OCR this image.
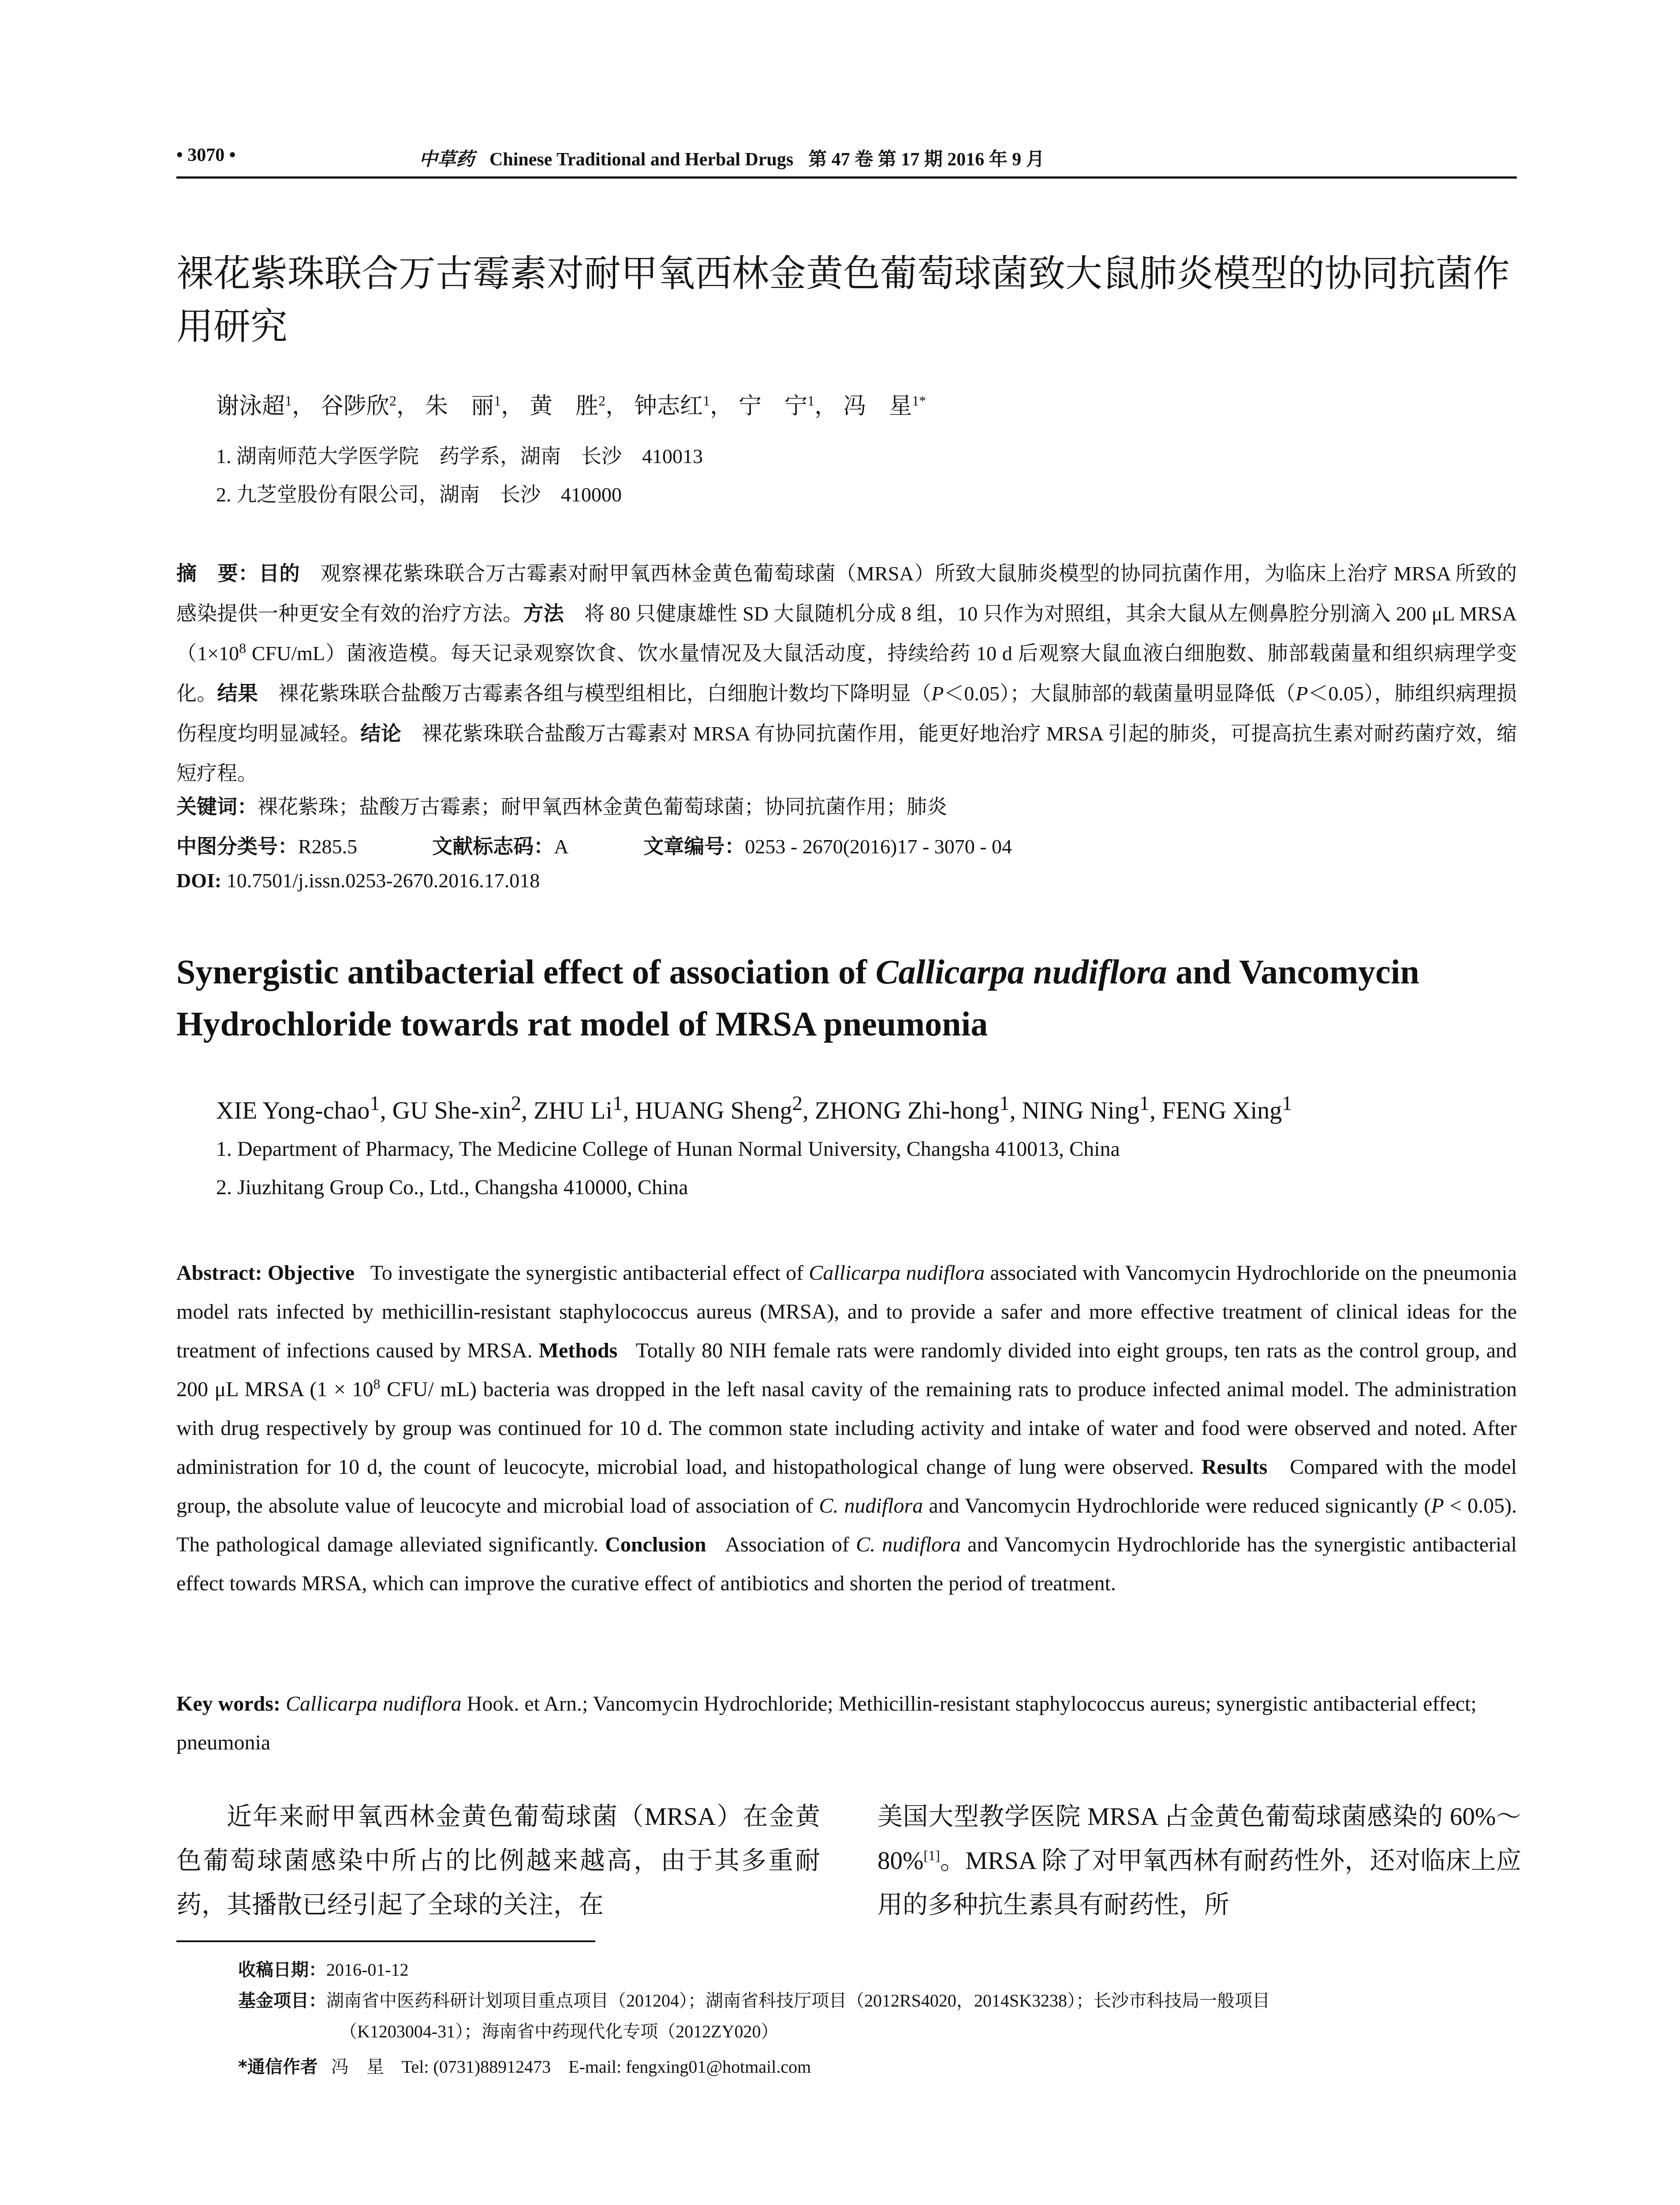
• 3070 •	中草药 Chinese Traditional and Herbal Drugs 第 47 卷 第 17 期 2016 年 9 月
裸花紫珠联合万古霉素对耐甲氧西林金黄色葡萄球菌致大鼠肺炎模型的协同抗菌作用研究
谢泳超$^1$， 谷陟欣$^2$， 朱　丽$^1$， 黄　胜$^2$， 钟志红$^1$， 宁　宁$^1$， 冯　星$^{1*}$
1. 湖南师范大学医学院　药学系，湖南　长沙　410013
2. 九芝堂股份有限公司，湖南　长沙　410000
摘　要：目的　 观察裸花紫珠联合万古霉素对耐甲氧西林金黄色葡萄球菌（MRSA）所致大鼠肺炎模型的协同抗菌作用，为临床上治疗 MRSA 所致的感染提供一种更安全有效的治疗方法。方法　 将 80 只健康雄性 SD 大鼠随机分成 8 组，10 只作为对照组，其余大鼠从左侧鼻腔分别滴入 200 μL $MRSA(1\times 10^8$ CFU/mL）菌液造模。每天记录观察饮食、饮水量情况及大鼠活动度，持续给药 10 d 后观察大鼠血液白细胞数、肺部载菌量和组织病理学变化。结果　 裸花紫珠联合盐酸万古霉素各组与模型组相比，白细胞计数均下降明显（P＜0.05）；大鼠肺部的载菌量明显降低（P＜0.05），肺组织病理损伤程度均明显减轻。结论　 裸花紫珠联合盐酸万古霉素对 MRSA 有协同抗菌作用，能更好地治疗 MRSA 引起的肺炎，可提高抗生素对耐药菌疗效，缩短疗程。
关键词：裸花紫珠；盐酸万古霉素；耐甲氧西林金黄色葡萄球菌；协同抗菌作用；肺炎
中图分类号：R285.5	文献标志码：A	文章编号：0253 - 2670(2016)17 - 3070 - 04
DOI: 10.7501/j.issn.0253-2670.2016.17.018
Synergistic antibacterial effect of association of Callicarpa nudiflora and Vancomycin Hydrochloride towards rat model of MRSA pneumonia
XIE Yong-chao$^1$, GU She-xin$^2$, ZHU Li$^1$, HUANG Sheng$^2$, ZHONG Zhi-hong$^1$, NING Ning$^1$, FENG Xing$^1$
1. Department of Pharmacy, The Medicine College of Hunan Normal University, Changsha 410013, China
2. Jiuzhitang Group Co., Ltd., Changsha 410000, China
Abstract: Objective To investigate the synergistic antibacterial effect of Callicarpa nudiflora associated with Vancomycin Hydrochloride on the pneumonia model rats infected by methicillin-resistant staphylococcus aureus (MRSA), and to provide a safer and more effective treatment of clinical ideas for the treatment of infections caused by MRSA. Methods Totally 80 NIH female rats were randomly divided into eight groups, ten rats as the control group, and 200 μL MRSA ($1 \times 10^8$ CFU/ mL) bacteria was dropped in the left nasal cavity of the remaining rats to produce infected animal model. The administration with drug respectively by group was continued for 10 d. The common state including activity and intake of water and food were observed and noted. After administration for 10 d, the count of leucocyte, microbial load, and histopathological change of lung were observed. Results Compared with the model group, the absolute value of leucocyte and microbial load of association of C. nudiflora and Vancomycin Hydrochloride were reduced signicantly (P < 0.05). The pathological damage alleviated significantly. Conclusion Association of C. nudiflora and Vancomycin Hydrochloride has the synergistic antibacterial effect towards MRSA, which can improve the curative effect of antibiotics and shorten the period of treatment.
Key words: Callicarpa nudiflora Hook. et Arn.; Vancomycin Hydrochloride; Methicillin-resistant staphylococcus aureus; synergistic antibacterial effect; pneumonia
近年来耐甲氧西林金黄色葡萄球菌（MRSA）在金黄色葡萄球菌感染中所占的比例越来越高，由于其多重耐药，其播散已经引起了全球的关注，在
美国大型教学医院 MRSA 占金黄色葡萄球菌感染的 60%～80%[1]。MRSA 除了对甲氧西林有耐药性外，还对临床上应用的多种抗生素具有耐药性，所
收稿日期：2016-01-12
基金项目：湖南省中医药科研计划项目重点项目（201204）；湖南省科技厅项目（2012RS4020，2014SK3238）；长沙市科技局一般项目
（K1203004-31）；海南省中药现代化专项（2012ZY020）
*通信作者 冯　星　Tel: (0731)88912473　E-mail: fengxing01@hotmail.com
